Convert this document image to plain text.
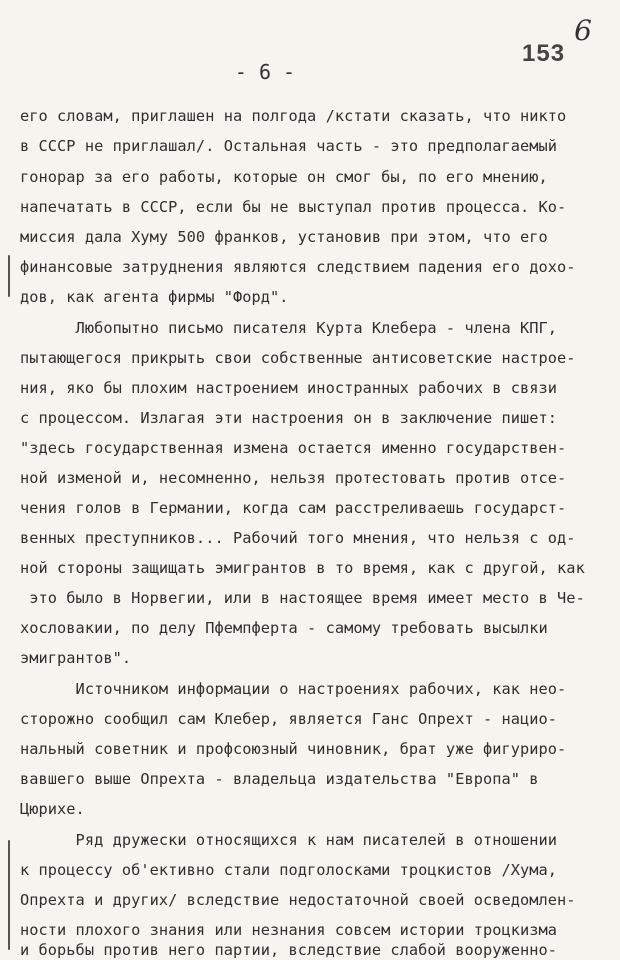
6
153
- 6 -
его словам, приглашен на полгода /кстати сказать, что никто
в СССР не приглашал/. Остальная часть - это предполагаемый
гонорар за его работы, которые он смог бы, по его мнению,
напечатать в СССР, если бы не выступал против процесса. Ко-
миссия дала Хуму 500 франков, установив при этом, что его
финансовые затруднения являются следствием падения его дохо-
дов, как агента фирмы "Форд".
Любопытно письмо писателя Курта Клебера - члена КПГ,
пытающегося прикрыть свои собственные антисоветские настрое-
ния, яко бы плохим настроением иностранных рабочих в связи
с процессом. Излагая эти настроения он в заключение пишет:
"здесь государственная измена остается именно государствен-
ной изменой и, несомненно, нельзя протестовать против отсе-
чения голов в Германии, когда сам расстреливаешь государст-
венных преступников... Рабочий того мнения, что нельзя с од-
ной стороны защищать эмигрантов в то время, как с другой, как
это было в Норвегии, или в настоящее время имеет место в Че-
хословакии, по делу Пфемпферта - самому требовать высылки
эмигрантов".
Источником информации о настроениях рабочих, как нео-
сторожно сообщил сам Клебер, является Ганс Опрехт - нацио-
нальный советник и профсоюзный чиновник, брат уже фигуриро-
вавшего выше Опрехта - владельца издательства "Европа" в
Цюрихе.
Ряд дружески относящихся к нам писателей в отношении
к процессу об'ективно стали подголосками троцкистов /Хума,
Опрехта и других/ вследствие недостаточной своей осведомлен-
ности плохого знания или незнания совсем истории троцкизма
и борьбы против него партии, вследствие слабой вооруженно-
